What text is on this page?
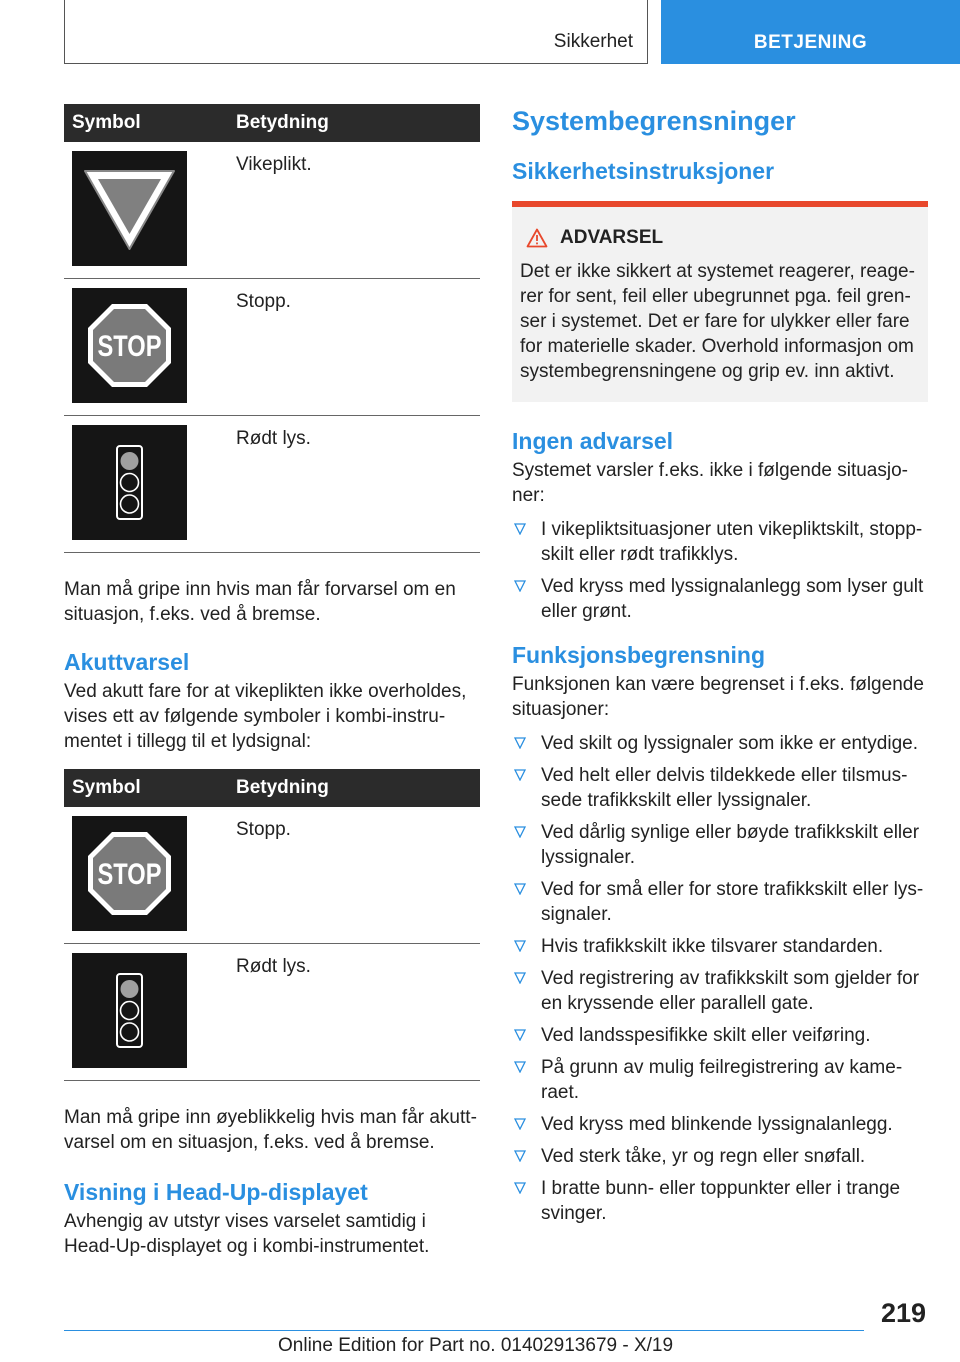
Sikkerhet	BETJENING
Symbol	Betydning

	Vikeplikt.

STOP	Stopp.

	Rødt lys.

Man må gripe inn hvis man får forvarsel om en situasjon, f.eks. ved å bremse.

Akuttvarsel

Ved akutt fare for at vikeplikten ikke overholdes, vises ett av følgende symboler i kombi-instrumentet i tillegg til et lydsignal:

Symbol	Betydning

STOP	Stopp.

	Rødt lys.

Man må gripe inn øyeblikkelig hvis man får akuttvarsel om en situasjon, f.eks. ved å bremse.

Visning i Head-Up-displayet

Avhengig av utstyr vises varselet samtidig i Head-Up-displayet og i kombi-instrumentet.

Systembegrensninger
Sikkerhetsinstruksjoner
ADVARSEL

Det er ikke sikkert at systemet reagerer, reagerer for sent, feil eller ubegrunnet pga. feil grenser i systemet. Det er fare for ulykker eller fare for materielle skader. Overhold informasjon om systembegrensningene og grip ev. inn aktivt.

Ingen advarsel

Systemet varsler f.eks. ikke i følgende situasjoner:

I vikepliktsituasjoner uten vikepliktskilt, stoppskilt eller rødt trafikklys.
Ved kryss med lyssignalanlegg som lyser gult eller grønt.
Funksjonsbegrensning

Funksjonen kan være begrenset i f.eks. følgende situasjoner:

Ved skilt og lyssignaler som ikke er entydige.
Ved helt eller delvis tildekkede eller tilsmussede trafikkskilt eller lyssignaler.
Ved dårlig synlige eller bøyde trafikkskilt eller lyssignaler.
Ved for små eller for store trafikkskilt eller lyssignaler.
Hvis trafikkskilt ikke tilsvarer standarden.
Ved registrering av trafikkskilt som gjelder for en kryssende eller parallell gate.
Ved landsspesifikke skilt eller veiføring.
På grunn av mulig feilregistrering av kameraet.
Ved kryss med blinkende lyssignalanlegg.
Ved sterk tåke, yr og regn eller snøfall.
I bratte bunn- eller toppunkter eller i trange svinger.
219
Online Edition for Part no. 01402913679 - X/19
